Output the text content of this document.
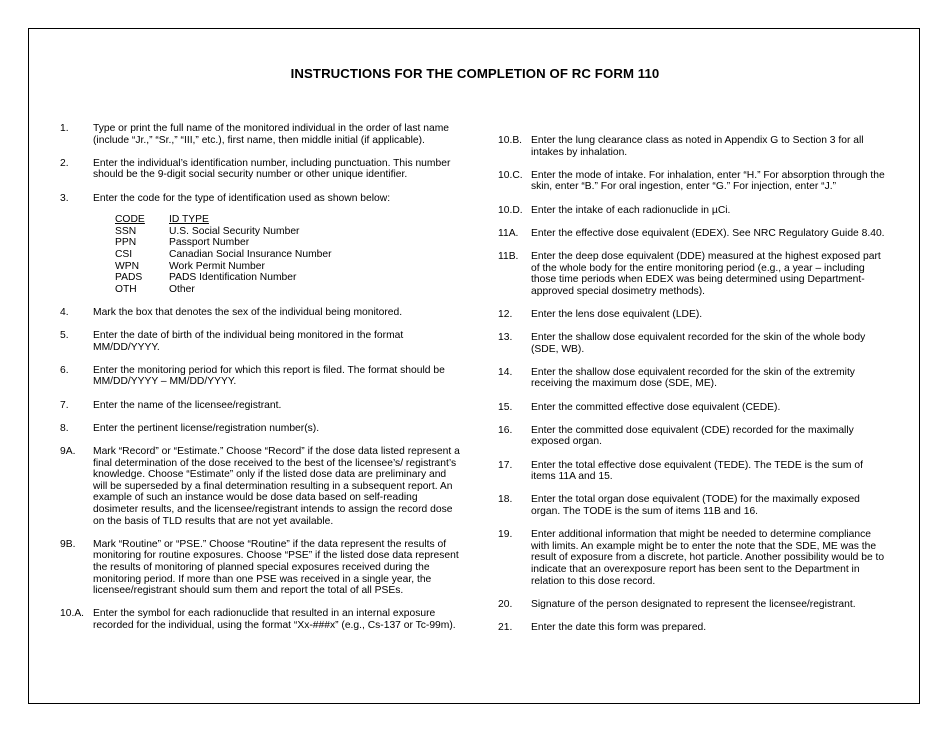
INSTRUCTIONS FOR THE COMPLETION OF RC FORM 110
1.	Type or print the full name of the monitored individual in the order of last name (include “Jr.,” “Sr.,” “III,” etc.), first name, then middle initial (if applicable).
2.	Enter the individual’s identification number, including punctuation. This number should be the 9-digit social security number or other unique identifier.
3.	Enter the code for the type of identification used as shown below:
CODE	ID TYPE
SSN	U.S. Social Security Number
PPN	Passport Number
CSI	Canadian Social Insurance Number
WPN	Work Permit Number
PADS	PADS Identification Number
OTH	Other
4.	Mark the box that denotes the sex of the individual being monitored.
5.	Enter the date of birth of the individual being monitored in the format MM/DD/YYYY.
6.	Enter the monitoring period for which this report is filed. The format should be MM/DD/YYYY – MM/DD/YYYY.
7.	Enter the name of the licensee/registrant.
8.	Enter the pertinent license/registration number(s).
9A.	Mark “Record” or “Estimate.” Choose “Record” if the dose data listed represent a final determination of the dose received to the best of the licensee’s/ registrant’s knowledge. Choose “Estimate” only if the listed dose data are preliminary and will be superseded by a final determination resulting in a subsequent report. An example of such an instance would be dose data based on self-reading dosimeter results, and the licensee/registrant intends to assign the record dose on the basis of TLD results that are not yet available.
9B.	Mark “Routine” or “PSE.” Choose “Routine” if the data represent the results of monitoring for routine exposures. Choose “PSE” if the listed dose data represent the results of monitoring of planned special exposures received during the monitoring period. If more than one PSE was received in a single year, the licensee/registrant should sum them and report the total of all PSEs.
10.A. Enter the symbol for each radionuclide that resulted in an internal exposure recorded for the individual, using the format “Xx-###x” (e.g., Cs-137 or Tc-99m).
10.B. Enter the lung clearance class as noted in Appendix G to Section 3 for all intakes by inhalation.
10.C. Enter the mode of intake. For inhalation, enter “H.” For absorption through the skin, enter “B.” For oral ingestion, enter “G.” For injection, enter “J.”
10.D. Enter the intake of each radionuclide in µCi.
11A.	Enter the effective dose equivalent (EDEX). See NRC Regulatory Guide 8.40.
11B.	Enter the deep dose equivalent (DDE) measured at the highest exposed part of the whole body for the entire monitoring period (e.g., a year – including those time periods when EDEX was being determined using Department-approved special dosimetry methods).
12.	Enter the lens dose equivalent (LDE).
13.	Enter the shallow dose equivalent recorded for the skin of the whole body (SDE, WB).
14.	Enter the shallow dose equivalent recorded for the skin of the extremity receiving the maximum dose (SDE, ME).
15.	Enter the committed effective dose equivalent (CEDE).
16.	Enter the committed dose equivalent (CDE) recorded for the maximally exposed organ.
17.	Enter the total effective dose equivalent (TEDE). The TEDE is the sum of items 11A and 15.
18.	Enter the total organ dose equivalent (TODE) for the maximally exposed organ. The TODE is the sum of items 11B and 16.
19.	Enter additional information that might be needed to determine compliance with limits. An example might be to enter the note that the SDE, ME was the result of exposure from a discrete, hot particle. Another possibility would be to indicate that an overexposure report has been sent to the Department in relation to this dose record.
20.	Signature of the person designated to represent the licensee/registrant.
21.	Enter the date this form was prepared.
